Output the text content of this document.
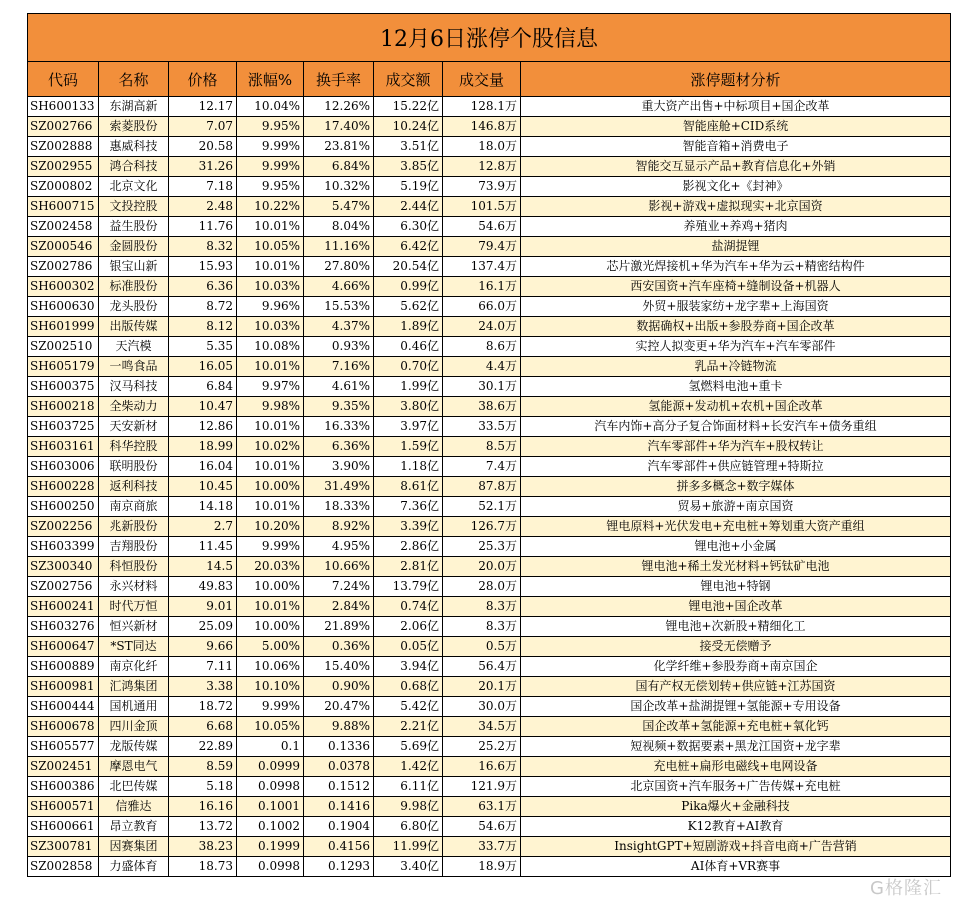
12月6日涨停个股信息							
代码	名称	价格	涨幅%	换手率	成交额	成交量	涨停题材分析
SH600133	东湖高新	12.17	10.04%	12.26%	15.22亿	128.1万	重大资产出售+中标项目+国企改革
SZ002766	索菱股份	7.07	9.95%	17.40%	10.24亿	146.8万	智能座舱+CID系统
SZ002888	惠威科技	20.58	9.99%	23.81%	3.51亿	18.0万	智能音箱+消费电子
SZ002955	鸿合科技	31.26	9.99%	6.84%	3.85亿	12.8万	智能交互显示产品+教育信息化+外销
SZ000802	北京文化	7.18	9.95%	10.32%	5.19亿	73.9万	影视文化+《封神》
SH600715	文投控股	2.48	10.22%	5.47%	2.44亿	101.5万	影视+游戏+虚拟现实+北京国资
SZ002458	益生股份	11.76	10.01%	8.04%	6.30亿	54.6万	养殖业+养鸡+猪肉
SZ000546	金圆股份	8.32	10.05%	11.16%	6.42亿	79.4万	盐湖提锂
SZ002786	银宝山新	15.93	10.01%	27.80%	20.54亿	137.4万	芯片激光焊接机+华为汽车+华为云+精密结构件
SH600302	标准股份	6.36	10.03%	4.66%	0.99亿	16.1万	西安国资+汽车座椅+缝制设备+机器人
SH600630	龙头股份	8.72	9.96%	15.53%	5.62亿	66.0万	外贸+服装家纺+龙字辈+上海国资
SH601999	出版传媒	8.12	10.03%	4.37%	1.89亿	24.0万	数据确权+出版+参股券商+国企改革
SZ002510	天汽模	5.35	10.08%	0.93%	0.46亿	8.6万	实控人拟变更+华为汽车+汽车零部件
SH605179	一鸣食品	16.05	10.01%	7.16%	0.70亿	4.4万	乳品+冷链物流
SH600375	汉马科技	6.84	9.97%	4.61%	1.99亿	30.1万	氢燃料电池+重卡
SH600218	全柴动力	10.47	9.98%	9.35%	3.80亿	38.6万	氢能源+发动机+农机+国企改革
SH603725	天安新材	12.86	10.01%	16.33%	3.97亿	33.5万	汽车内饰+高分子复合饰面材料+长安汽车+债务重组
SH603161	科华控股	18.99	10.02%	6.36%	1.59亿	8.5万	汽车零部件+华为汽车+股权转让
SH603006	联明股份	16.04	10.01%	3.90%	1.18亿	7.4万	汽车零部件+供应链管理+特斯拉
SH600228	返利科技	10.45	10.00%	31.49%	8.61亿	87.8万	拼多多概念+数字媒体
SH600250	南京商旅	14.18	10.01%	18.33%	7.36亿	52.1万	贸易+旅游+南京国资
SZ002256	兆新股份	2.7	10.20%	8.92%	3.39亿	126.7万	锂电原料+光伏发电+充电桩+筹划重大资产重组
SH603399	吉翔股份	11.45	9.99%	4.95%	2.86亿	25.3万	锂电池+小金属
SZ300340	科恒股份	14.5	20.03%	10.66%	2.81亿	20.0万	锂电池+稀土发光材料+钙钛矿电池
SZ002756	永兴材料	49.83	10.00%	7.24%	13.79亿	28.0万	锂电池+特钢
SH600241	时代万恒	9.01	10.01%	2.84%	0.74亿	8.3万	锂电池+国企改革
SH603276	恒兴新材	25.09	10.00%	21.89%	2.06亿	8.3万	锂电池+次新股+精细化工
SH600647	*ST同达	9.66	5.00%	0.36%	0.05亿	0.5万	接受无偿赠予
SH600889	南京化纤	7.11	10.06%	15.40%	3.94亿	56.4万	化学纤维+参股券商+南京国企
SH600981	汇鸿集团	3.38	10.10%	0.90%	0.68亿	20.1万	国有产权无偿划转+供应链+江苏国资
SH600444	国机通用	18.72	9.99%	20.47%	5.42亿	30.0万	国企改革+盐湖提锂+氢能源+专用设备
SH600678	四川金顶	6.68	10.05%	9.88%	2.21亿	34.5万	国企改革+氢能源+充电桩+氧化钙
SH605577	龙版传媒	22.89	0.1	0.1336	5.69亿	25.2万	短视频+数据要素+黑龙江国资+龙字辈
SZ002451	摩恩电气	8.59	0.0999	0.0378	1.42亿	16.6万	充电桩+扁形电磁线+电网设备
SH600386	北巴传媒	5.18	0.0998	0.1512	6.11亿	121.9万	北京国资+汽车服务+广告传媒+充电桩
SH600571	信雅达	16.16	0.1001	0.1416	9.98亿	63.1万	Pika爆火+金融科技
SH600661	昂立教育	13.72	0.1002	0.1904	6.80亿	54.6万	K12教育+AI教育
SZ300781	因赛集团	38.23	0.1999	0.4156	11.99亿	33.7万	InsightGPT+短剧游戏+抖音电商+广告营销
SZ002858	力盛体育	18.73	0.0998	0.1293	3.40亿	18.9万	AI体育+VR赛事
G格隆汇
